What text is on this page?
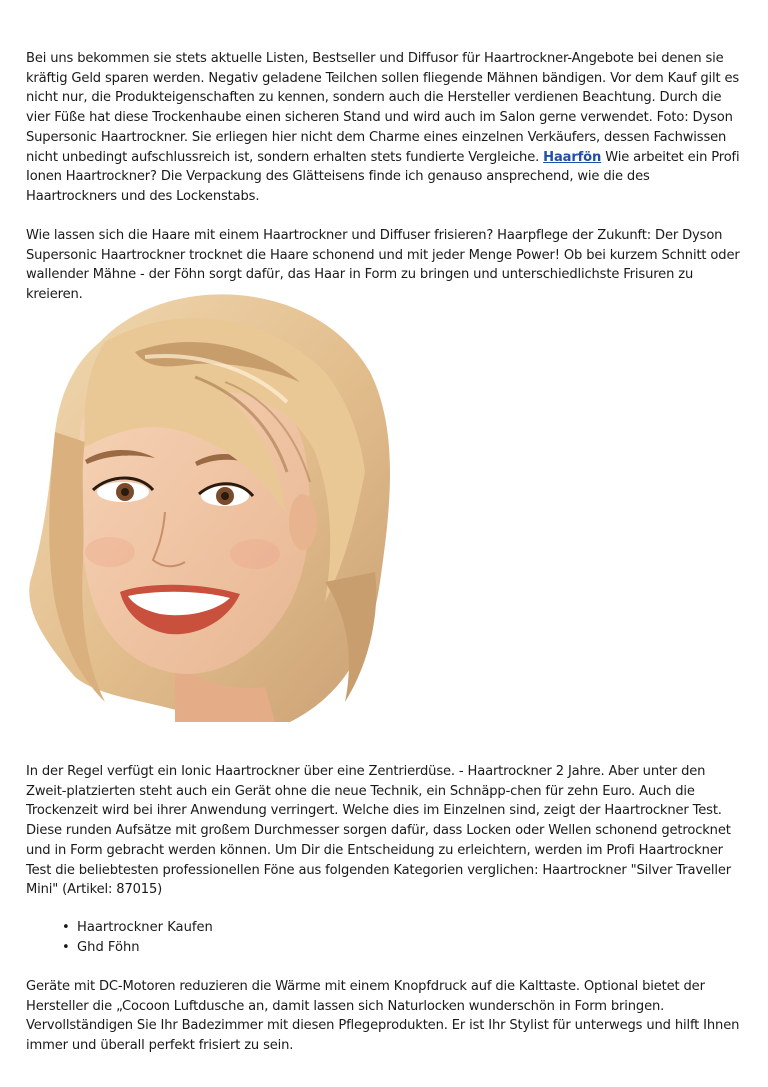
Bei uns bekommen sie stets aktuelle Listen, Bestseller und Diffusor für Haartrockner-Angebote bei denen sie kräftig Geld sparen werden. Negativ geladene Teilchen sollen fliegende Mähnen bändigen. Vor dem Kauf gilt es nicht nur, die Produkteigenschaften zu kennen, sondern auch die Hersteller verdienen Beachtung. Durch die vier Füße hat diese Trockenhaube einen sicheren Stand und wird auch im Salon gerne verwendet. Foto: Dyson Supersonic Haartrockner. Sie erliegen hier nicht dem Charme eines einzelnen Verkäufers, dessen Fachwissen nicht unbedingt aufschlussreich ist, sondern erhalten stets fundierte Vergleiche. Haarfön Wie arbeitet ein Profi Ionen Haartrockner? Die Verpackung des Glätteisens finde ich genauso ansprechend, wie die des Haartrockners und des Lockenstabs.

Wie lassen sich die Haare mit einem Haartrockner und Diffuser frisieren? Haarpflege der Zukunft: Der Dyson Supersonic Haartrockner trocknet die Haare schonend und mit jeder Menge Power! Ob bei kurzem Schnitt oder wallender Mähne - der Föhn sorgt dafür, das Haar in Form zu bringen und unterschiedlichste Frisuren zu kreieren.

In der Regel verfügt ein Ionic Haartrockner über eine Zentrierdüse. - Haartrockner 2 Jahre. Aber unter den Zweit-platzierten steht auch ein Gerät ohne die neue Technik, ein Schnäpp-chen für zehn Euro. Auch die Trockenzeit wird bei ihrer Anwendung verringert. Welche dies im Einzelnen sind, zeigt der Haartrockner Test. Diese runden Aufsätze mit großem Durchmesser sorgen dafür, dass Locken oder Wellen schonend getrocknet und in Form gebracht werden können. Um Dir die Entscheidung zu erleichtern, werden im Profi Haartrockner Test die beliebtesten professionellen Föne aus folgenden Kategorien verglichen: Haartrockner "Silver Traveller Mini" (Artikel: 87015)

• Haartrockner Kaufen
• Ghd Föhn

Geräte mit DC-Motoren reduzieren die Wärme mit einem Knopfdruck auf die Kalttaste. Optional bietet der Hersteller die „Cocoon Luftdusche an, damit lassen sich Naturlocken wunderschön in Form bringen. Vervollständigen Sie Ihr Badezimmer mit diesen Pflegeprodukten. Er ist Ihr Stylist für unterwegs und hilft Ihnen immer und überall perfekt frisiert zu sein.
